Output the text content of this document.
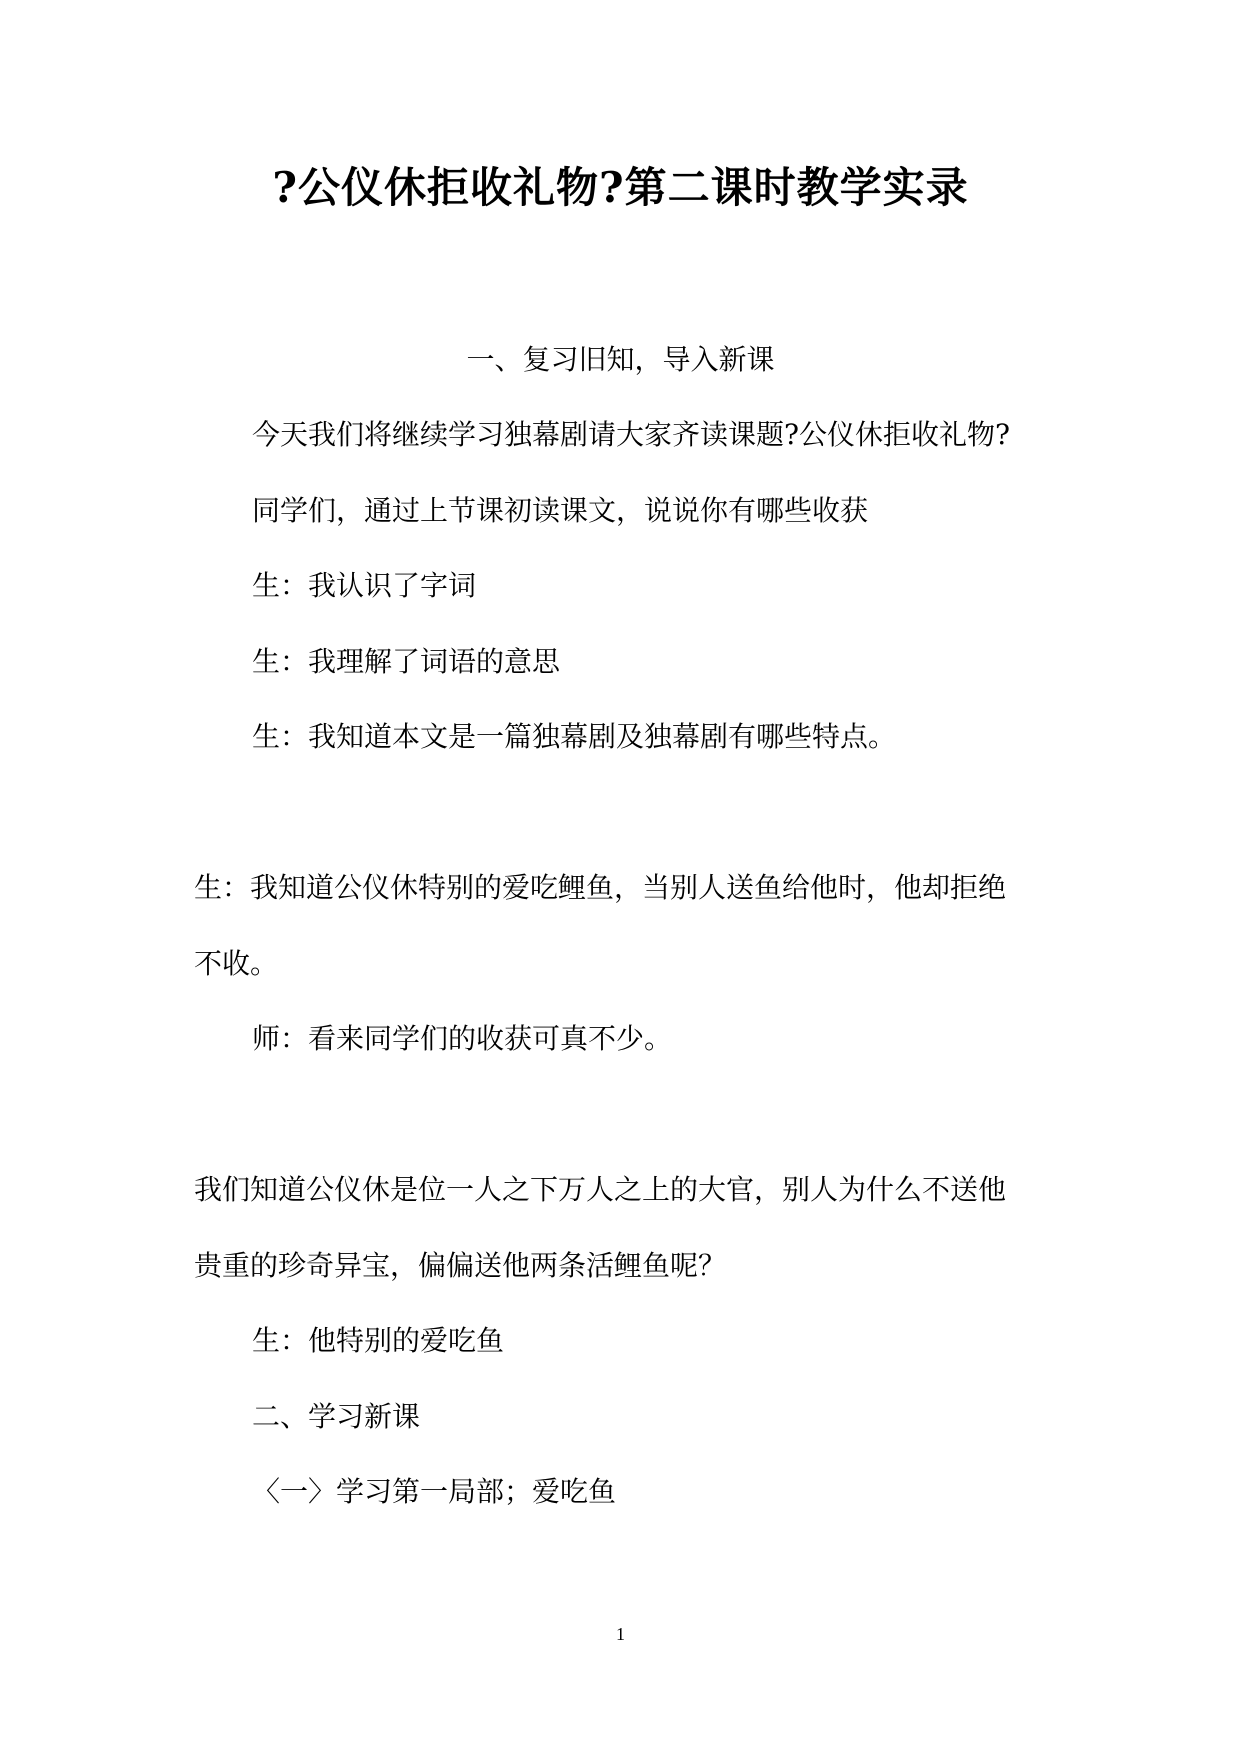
?公仪休拒收礼物?第二课时教学实录
一、复习旧知，导入新课
今天我们将继续学习独幕剧请大家齐读课题?公仪休拒收礼物?
同学们，通过上节课初读课文，说说你有哪些收获
生：我认识了字词
生：我理解了词语的意思
生：我知道本文是一篇独幕剧及独幕剧有哪些特点。
生：我知道公仪休特别的爱吃鲤鱼，当别人送鱼给他时，他却拒绝
不收。
师：看来同学们的收获可真不少。
我们知道公仪休是位一人之下万人之上的大官，别人为什么不送他
贵重的珍奇异宝，偏偏送他两条活鲤鱼呢？
生：他特别的爱吃鱼
二、学习新课
〈一〉学习第一局部；爱吃鱼
1
